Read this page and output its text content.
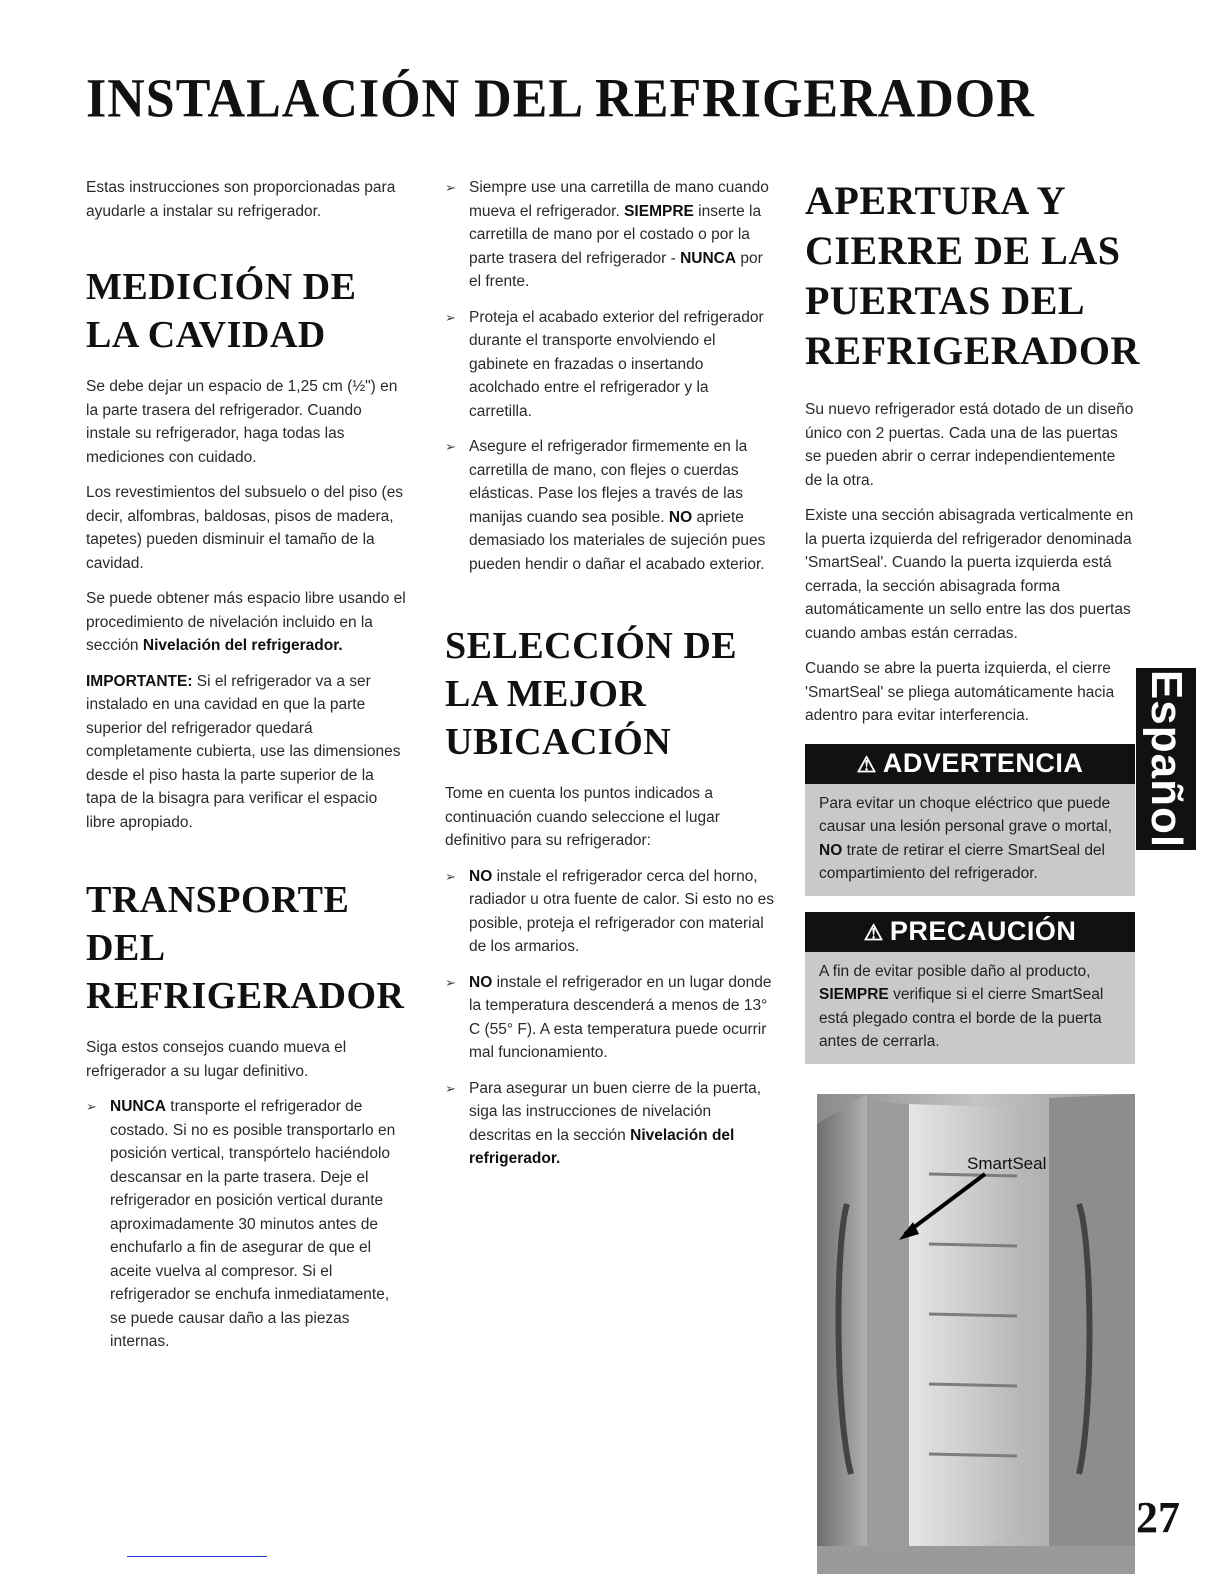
INSTALACIÓN DEL REFRIGERADOR

Estas instrucciones son proporcionadas para ayudarle a instalar su refrigerador.

MEDICIÓN DE LA CAVIDAD

Se debe dejar un espacio de 1,25 cm (½") en la parte trasera del refrigerador. Cuando instale su refrigerador, haga todas las mediciones con cuidado.

Los revestimientos del subsuelo o del piso (es decir, alfombras, baldosas, pisos de madera, tapetes) pueden disminuir el tamaño de la cavidad.

Se puede obtener más espacio libre usando el procedimiento de nivelación incluido en la sección Nivelación del refrigerador.

IMPORTANTE: Si el refrigerador va a ser instalado en una cavidad en que la parte superior del refrigerador quedará completamente cubierta, use las dimensiones desde el piso hasta la parte superior de la tapa de la bisagra para verificar el espacio libre apropiado.

TRANSPORTE DEL REFRIGERADOR

Siga estos consejos cuando mueva el refrigerador a su lugar definitivo.

➢ NUNCA transporte el refrigerador de costado. Si no es posible transportarlo en posición vertical, transpórtelo haciéndolo descansar en la parte trasera. Deje el refrigerador en posición vertical durante aproximadamente 30 minutos antes de enchufarlo a fin de asegurar de que el aceite vuelva al compresor. Si el refrigerador se enchufa inmediatamente, se puede causar daño a las piezas internas.
➢ Siempre use una carretilla de mano cuando mueva el refrigerador. SIEMPRE inserte la carretilla de mano por el costado o por la parte trasera del refrigerador - NUNCA por el frente.
➢ Proteja el acabado exterior del refrigerador durante el transporte envolviendo el gabinete en frazadas o insertando acolchado entre el refrigerador y la carretilla.
➢ Asegure el refrigerador firmemente en la carretilla de mano, con flejes o cuerdas elásticas. Pase los flejes a través de las manijas cuando sea posible. NO apriete demasiado los materiales de sujeción pues pueden hendir o dañar el acabado exterior.
SELECCIÓN DE LA MEJOR UBICACIÓN

Tome en cuenta los puntos indicados a continuación cuando seleccione el lugar definitivo para su refrigerador:

➢ NO instale el refrigerador cerca del horno, radiador u otra fuente de calor. Si esto no es posible, proteja el refrigerador con material de los armarios.
➢ NO instale el refrigerador en un lugar donde la temperatura descenderá a menos de 13° C (55° F). A esta temperatura puede ocurrir mal funcionamiento.
➢ Para asegurar un buen cierre de la puerta, siga las instrucciones de nivelación descritas en la sección Nivelación del refrigerador.
APERTURA Y CIERRE DE LAS PUERTAS DEL REFRIGERADOR

Su nuevo refrigerador está dotado de un diseño único con 2 puertas. Cada una de las puertas se pueden abrir o cerrar independientemente de la otra.

Existe una sección abisagrada verticalmente en la puerta izquierda del refrigerador denominada 'SmartSeal'. Cuando la puerta izquierda está cerrada, la sección abisagrada forma automáticamente un sello entre las dos puertas cuando ambas están cerradas.

Cuando se abre la puerta izquierda, el cierre 'SmartSeal' se pliega automáticamente hacia adentro para evitar interferencia.

⚠ ADVERTENCIA
Para evitar un choque eléctrico que puede causar una lesión personal grave o mortal, NO trate de retirar el cierre SmartSeal del compartimiento del refrigerador.
⚠ PRECAUCIÓN
A fin de evitar posible daño al producto, SIEMPRE verifique si el cierre SmartSeal está plegado contra el borde de la puerta antes de cerrarla.
SmartSeal
Español
27
